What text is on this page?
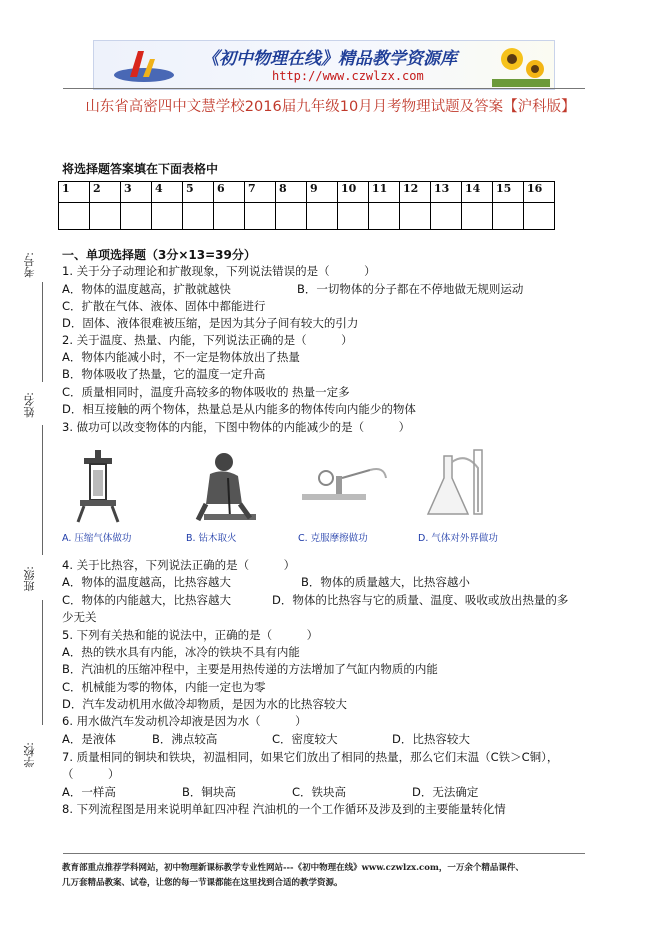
《初中物理在线》精品教学资源库
http://www.czwlzx.com
山东省高密四中文慧学校2016届九年级10月月考物理试题及答案【沪科版】
考号:
姓名:
班级:
学校:
将选择题答案填在下面表格中
1	2	3	4	5	6	7	8	9	10	11	12	13	14	15	16

一、单项选择题（3分×13=39分）
1. 关于分子动理论和扩散现象，下列说法错误的是（　　　）
A．物体的温度越高，扩散就越快	B．一切物体的分子都在不停地做无规则运动
C．扩散在气体、液体、固体中都能进行
D．固体、液体很难被压缩，是因为其分子间有较大的引力
2. 关于温度、热量、内能，下列说法正确的是（　　　）
A．物体内能减小时，不一定是物体放出了热量
B．物体吸收了热量，它的温度一定升高
C．质量相同时，温度升高较多的物体吸收的 热量一定多
D．相互接触的两个物体，热量总是从内能多的物体传向内能少的物体
3. 做功可以改变物体的内能，下图中物体的内能减少的是（　　　）
A. 压缩气体做功	B. 钻木取火	C. 克服摩擦做功	D. 气体对外界做功
4. 关于比热容，下列说法正确的是（　　　）
A．物体的温度越高，比热容越大	B．物体的质量越大，比热容越小
C．物体的内能越大，比热容越大	D．物体的比热容与它的质量、温度、吸收或放出热量的多
少无关
5. 下列有关热和能的说法中，正确的是（　　　）
A．热的铁水具有内能，冰冷的铁块不具有内能
B．汽油机的压缩冲程中，主要是用热传递的方法增加了气缸内物质的内能
C．机械能为零的物体，内能一定也为零
D．汽车发动机用水做冷却物质，是因为水的比热容较大
6. 用水做汽车发动机冷却液是因为水（　　　）
A．是液体	B．沸点较高	C．密度较大	D．比热容较大
7. 质量相同的铜块和铁块，初温相同，如果它们放出了相同的热量，那么它们末温（C铁＞C铜），
（　　　）
A．一样高	B．铜块高	C．铁块高	D．无法确定
8. 下列流程图是用来说明单缸四冲程 汽油机的一个工作循环及涉及到的主要能量转化情
教育部重点推荐学科网站，初中物理新课标教学专业性网站---《初中物理在线》www.czwlzx.com，一万余个精品课件、
几万套精品教案、试卷，让您的每一节课都能在这里找到合适的教学资源。
